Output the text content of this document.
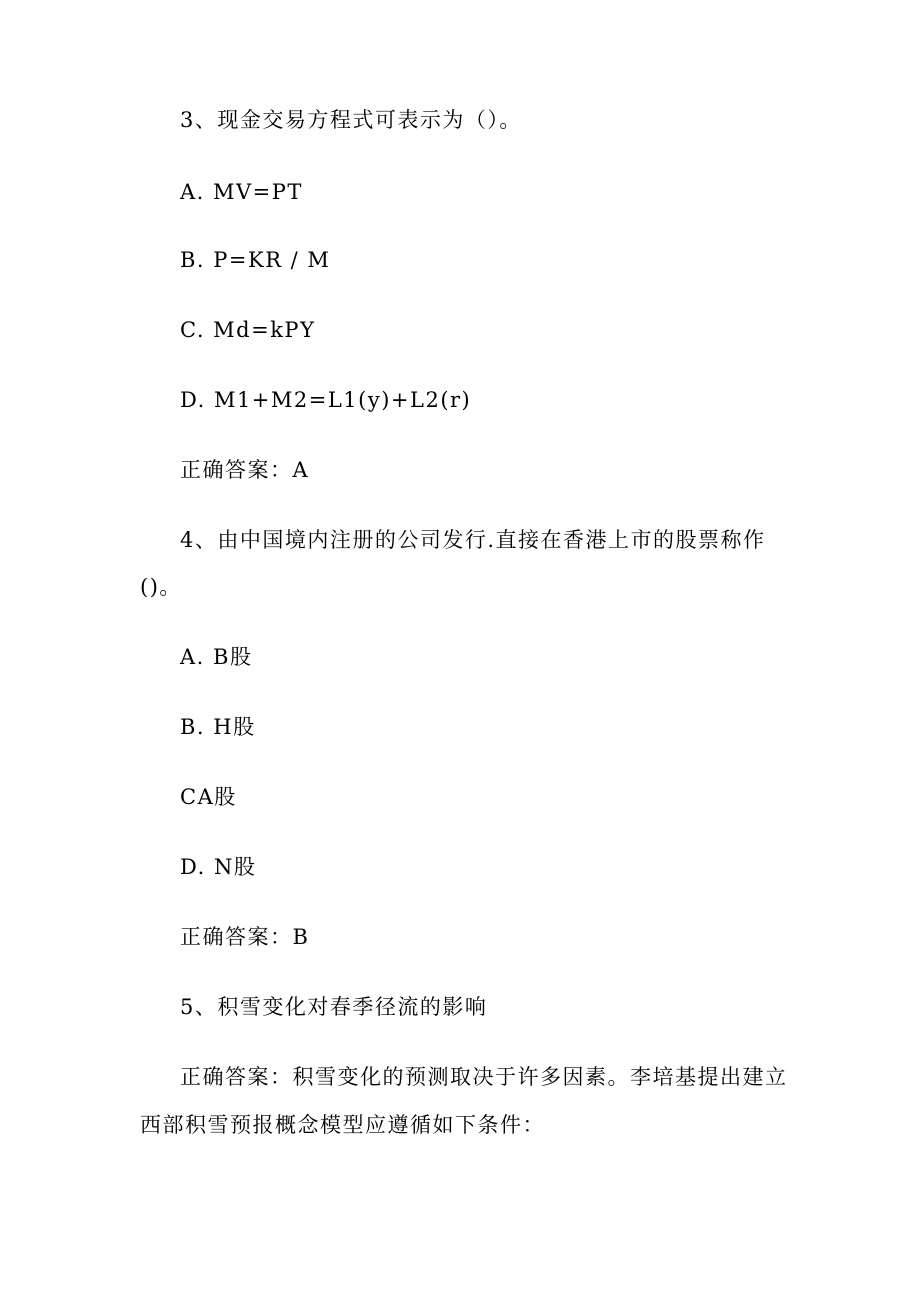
3、现金交易方程式可表示为（）。
A. MV=PT
B. P=KR / M
C. Md=kPY
D. M1+M2=L1(y)+L2(r)
正确答案：A
4、由中国境内注册的公司发行.直接在香港上市的股票称作
()。
A. B股
B. H股
CA股
D. N股
正确答案：B
5、积雪变化对春季径流的影响
正确答案：积雪变化的预测取决于许多因素。李培基提出建立
西部积雪预报概念模型应遵循如下条件：
